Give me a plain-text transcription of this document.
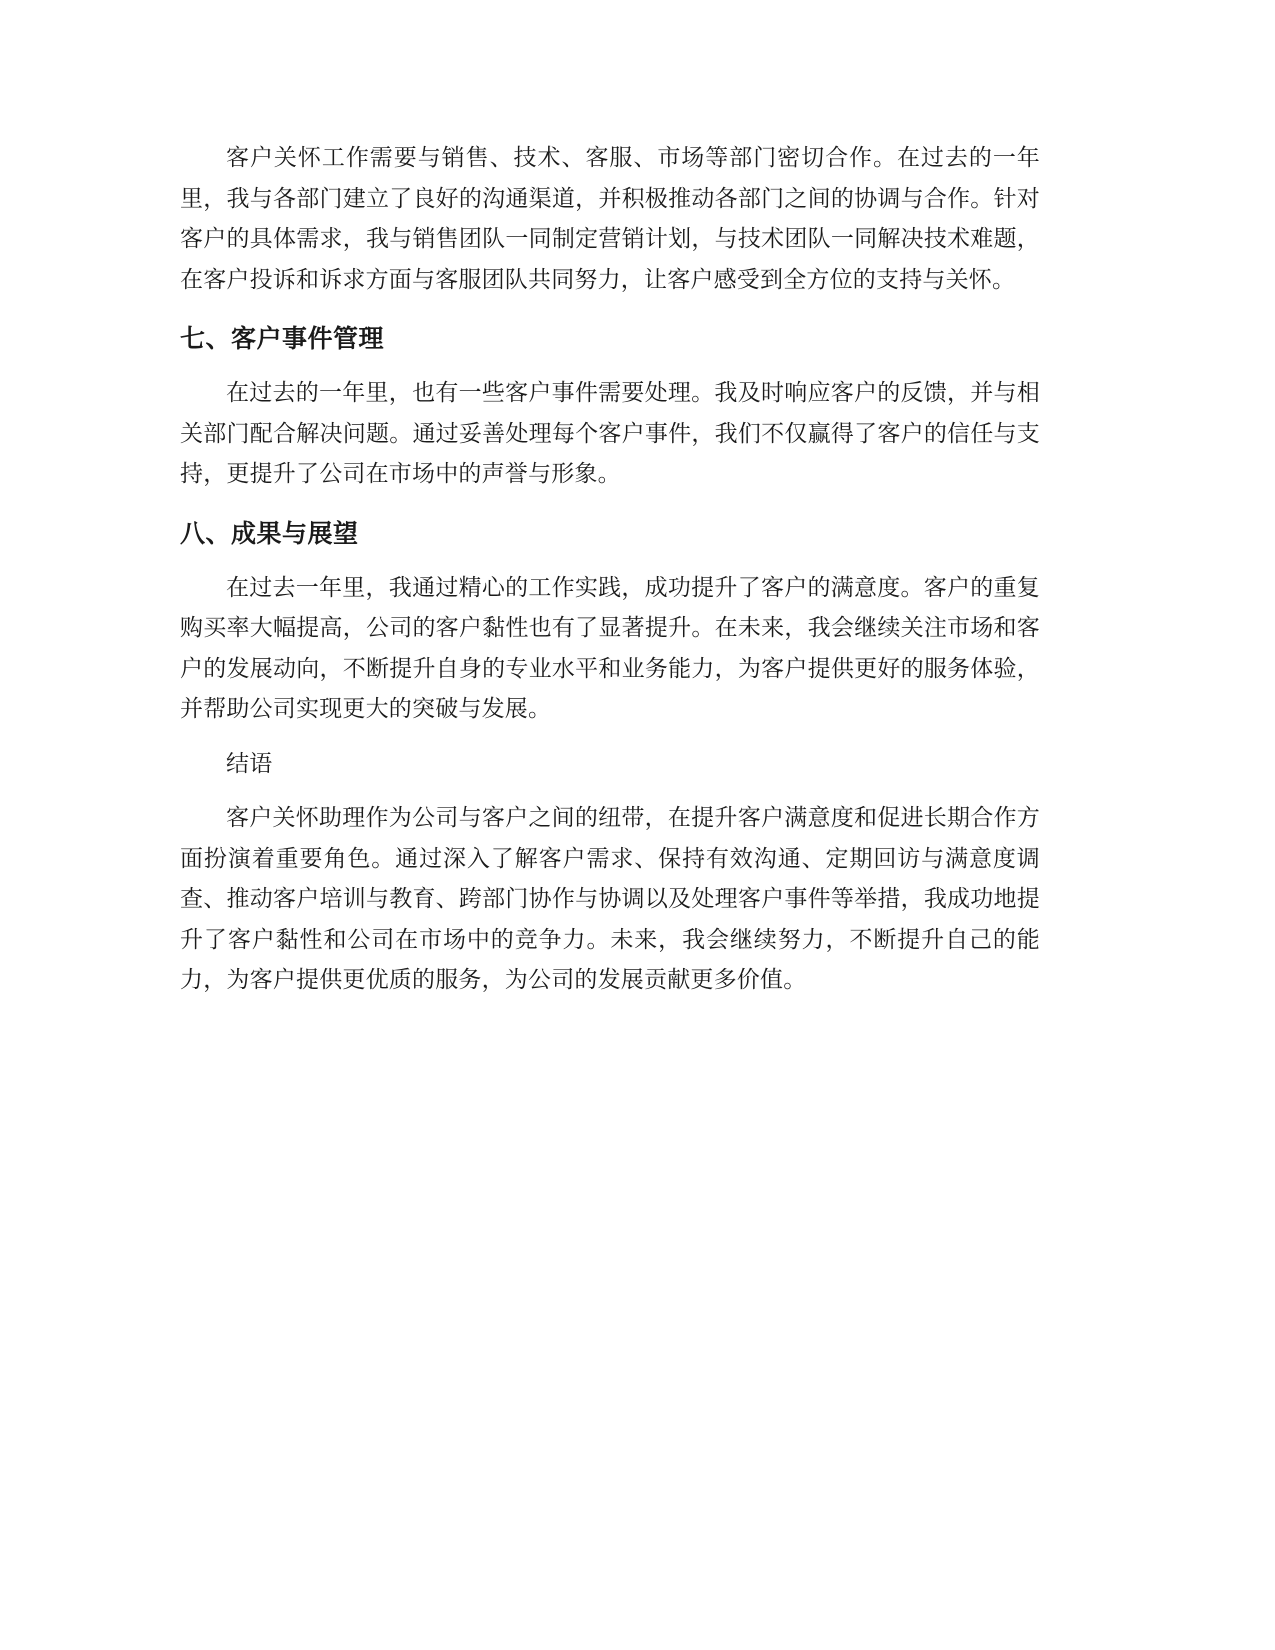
客户关怀工作需要与销售、技术、客服、市场等部门密切合作。在过去的一年里，我与各部门建立了良好的沟通渠道，并积极推动各部门之间的协调与合作。针对客户的具体需求，我与销售团队一同制定营销计划，与技术团队一同解决技术难题，在客户投诉和诉求方面与客服团队共同努力，让客户感受到全方位的支持与关怀。

七、客户事件管理

在过去的一年里，也有一些客户事件需要处理。我及时响应客户的反馈，并与相关部门配合解决问题。通过妥善处理每个客户事件，我们不仅赢得了客户的信任与支持，更提升了公司在市场中的声誉与形象。

八、成果与展望

在过去一年里，我通过精心的工作实践，成功提升了客户的满意度。客户的重复购买率大幅提高，公司的客户黏性也有了显著提升。在未来，我会继续关注市场和客户的发展动向，不断提升自身的专业水平和业务能力，为客户提供更好的服务体验，并帮助公司实现更大的突破与发展。

结语

客户关怀助理作为公司与客户之间的纽带，在提升客户满意度和促进长期合作方面扮演着重要角色。通过深入了解客户需求、保持有效沟通、定期回访与满意度调查、推动客户培训与教育、跨部门协作与协调以及处理客户事件等举措，我成功地提升了客户黏性和公司在市场中的竞争力。未来，我会继续努力，不断提升自己的能力，为客户提供更优质的服务，为公司的发展贡献更多价值。
